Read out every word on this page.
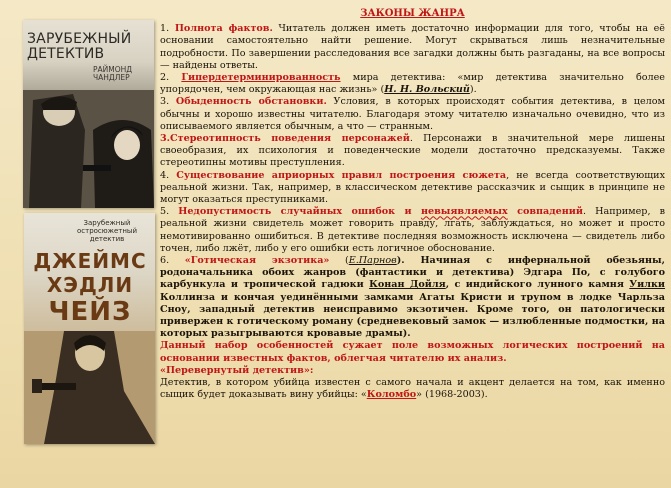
ЗАРУБЕЖНЫЙ
ДЕТЕКТИВ
РАЙМОНД
ЧАНДЛЕР
Зарубежный
остросюжетный
детектив
ДЖЕЙМС
ХЭДЛИ
ЧЕЙЗ
ЗАКОНЫ ЖАНРА

1. Полнота фактов. Читатель должен иметь достаточно информации для того, чтобы на её основании самостоятельно найти решение. Могут скрываться лишь незначительные подробности. По завершении расследования все загадки должны быть разгаданы, на все вопросы — найдены ответы.

2. Гипердетерминированность мира детектива: «мир детектива значительно более упорядочен, чем окружающая нас жизнь» (Н. Н. Вольский).

3. Обыденность обстановки. Условия, в которых происходят события детектива, в целом обычны и хорошо известны читателю. Благодаря этому читателю изначально очевидно, что из описываемого является обычным, а что — странным.

3.Стереотипность поведения персонажей. Персонажи в значительной мере лишены своеобразия, их психология и поведенческие модели достаточно предсказуемы. Также стереотипны мотивы преступления.

4. Существование априорных правил построения сюжета, не всегда соответствующих реальной жизни. Так, например, в классическом детективе рассказчик и сыщик в принципе не могут оказаться преступниками.

5. Недопустимость случайных ошибок и невыявляемых совпадений. Например, в реальной жизни свидетель может говорить правду, лгать, заблуждаться, но может и просто немотивированно ошибиться. В детективе последняя возможность исключена — свидетель либо точен, либо лжёт, либо у его ошибки есть логичное обоснование.

6. «Готическая экзотика» (Е.Парнов). Начиная с инфернальной обезьяны, родоначальника обоих жанров (фантастики и детектива) Эдгара По, с голубого карбункула и тропической гадюки Конан Дойля, с индийского лунного камня Уилки Коллинза и кончая уединёнными замками Агаты Кристи и трупом в лодке Чарльза Сноу, западный детектив неисправимо экзотичен. Кроме того, он патологически привержен к готическому роману (средневековый замок — излюбленные подмостки, на которых разыгрываются кровавые драмы).

Данный набор особенностей сужает поле возможных логических построений на основании известных фактов, облегчая читателю их анализ.

«Перевернутый детектив»:

Детектив, в котором убийца известен с самого начала и акцент делается на том, как именно сыщик будет доказывать вину убийцы: «Коломбо» (1968-2003).
